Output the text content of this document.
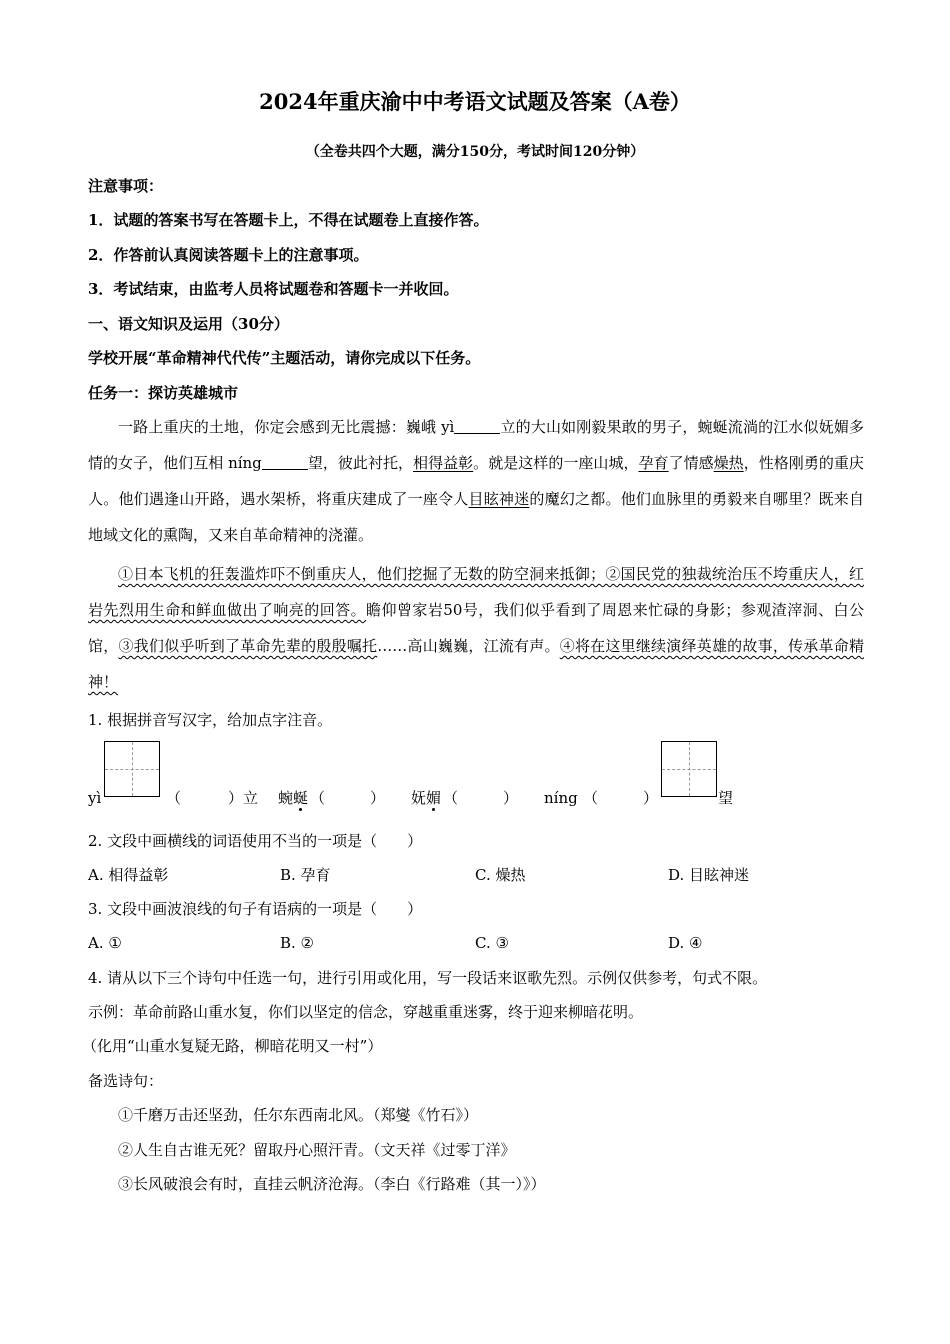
2024年重庆渝中中考语文试题及答案（A卷）
（全卷共四个大题，满分150分，考试时间120分钟）
注意事项：
1．试题的答案书写在答题卡上，不得在试题卷上直接作答。
2．作答前认真阅读答题卡上的注意事项。
3．考试结束，由监考人员将试题卷和答题卡一并收回。
一、语文知识及运用（30分）
学校开展“革命精神代代传”主题活动，请你完成以下任务。
任务一：探访英雄城市
一路上重庆的土地，你定会感到无比震撼：巍峨 yì	立的大山如刚毅果敢的男子，蜿蜒流淌的江水似妩媚多情的女子，他们互相 níng	望，彼此衬托，相得益彰。就是这样的一座山城，孕育了情感燥热，性格刚勇的重庆人。他们遇逢山开路，遇水架桥，将重庆建成了一座令人目眩神迷的魔幻之都。他们血脉里的勇毅来自哪里？既来自地域文化的熏陶，又来自革命精神的浇灌。
①日本飞机的狂轰滥炸吓不倒重庆人，他们挖掘了无数的防空洞来抵御；②国民党的独裁统治压不垮重庆人，红岩先烈用生命和鲜血做出了响亮的回答。瞻仰曾家岩50号，我们似乎看到了周恩来忙碌的身影；参观渣滓洞、白公馆，③我们似乎听到了革命先辈的殷殷嘱托……高山巍巍，江流有声。④将在这里继续演绎英雄的故事，传承革命精神！
1. 根据拼音写汉字，给加点字注音。
yì	（	）立 蜿蜒 （　　　） 妩媚 （　　　） níng （　　　）	望
2. 文段中画横线的词语使用不当的一项是（　　）
A. 相得益彰	B. 孕育	C. 燥热	D. 目眩神迷
3. 文段中画波浪线的句子有语病的一项是（　　）
A. ①	B. ②	C. ③	D. ④
4. 请从以下三个诗句中任选一句，进行引用或化用，写一段话来讴歌先烈。示例仅供参考，句式不限。
示例：革命前路山重水复，你们以坚定的信念，穿越重重迷雾，终于迎来柳暗花明。
（化用“山重水复疑无路，柳暗花明又一村”）
备选诗句：
①千磨万击还坚劲，任尔东西南北风。（郑燮《竹石》）
②人生自古谁无死？留取丹心照汗青。（文天祥《过零丁洋》
③长风破浪会有时，直挂云帆济沧海。（李白《行路难（其一）》）
